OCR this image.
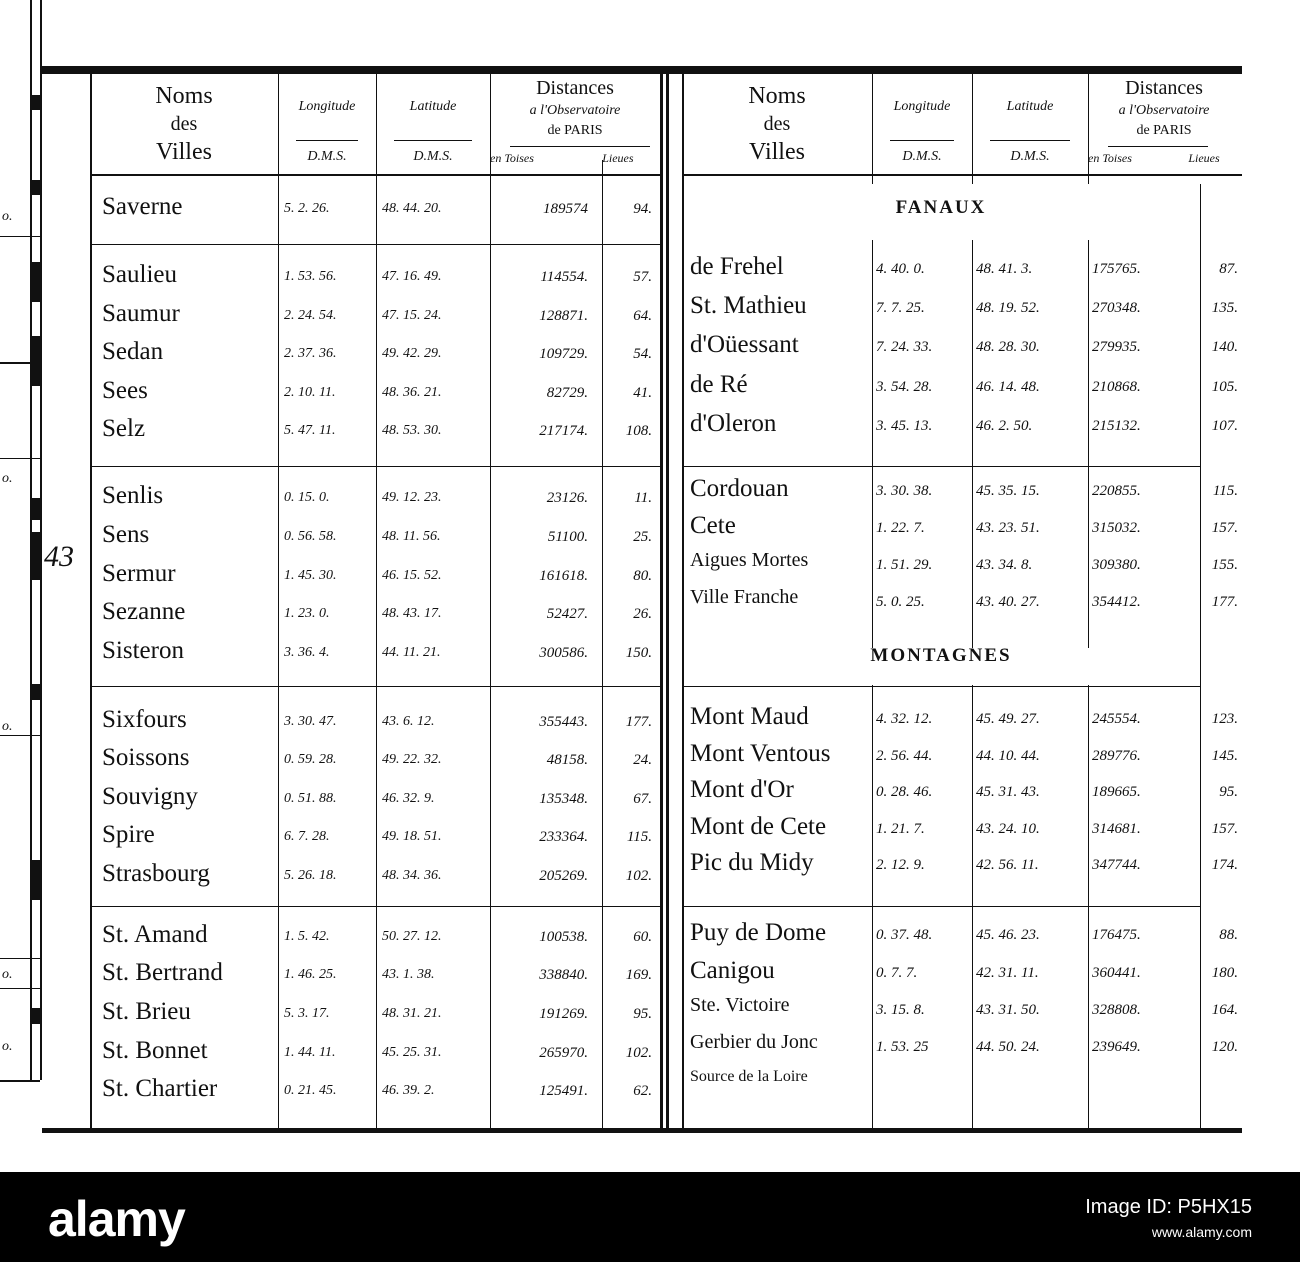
o.
o.
43
o.
o.
o.
Noms
des
Villes
Longitude	Latitude
D.M.S.	D.M.S.
Distances
a l'Observatoire
de PARIS
en Toises	Lieues
Noms
des
Villes
Longitude	Latitude
D.M.S.	D.M.S.
Distances
a l'Observatoire
de PARIS
en Toises	Lieues
Saverne	5. 2. 26.	48. 44. 20.	189574	94.
Saulieu	1. 53. 56.	47. 16. 49.	114554.	57.
Saumur	2. 24. 54.	47. 15. 24.	128871.	64.
Sedan	2. 37. 36.	49. 42. 29.	109729.	54.
Sees	2. 10. 11.	48. 36. 21.	82729.	41.
Selz	5. 47. 11.	48. 53. 30.	217174.	108.
Senlis	0. 15. 0.	49. 12. 23.	23126.	11.
Sens	0. 56. 58.	48. 11. 56.	51100.	25.
Sermur	1. 45. 30.	46. 15. 52.	161618.	80.
Sezanne	1. 23. 0.	48. 43. 17.	52427.	26.
Sisteron	3. 36. 4.	44. 11. 21.	300586.	150.
Sixfours	3. 30. 47.	43. 6. 12.	355443.	177.
Soissons	0. 59. 28.	49. 22. 32.	48158.	24.
Souvigny	0. 51. 88.	46. 32. 9.	135348.	67.
Spire	6. 7. 28.	49. 18. 51.	233364.	115.
Strasbourg	5. 26. 18.	48. 34. 36.	205269.	102.
St. Amand	1. 5. 42.	50. 27. 12.	100538.	60.
St. Bertrand	1. 46. 25.	43. 1. 38.	338840.	169.
St. Brieu	5. 3. 17.	48. 31. 21.	191269.	95.
St. Bonnet	1. 44. 11.	45. 25. 31.	265970.	102.
St. Chartier	0. 21. 45.	46. 39. 2.	125491.	62.
FANAUX
MONTAGNES
de Frehel	4. 40. 0.	48. 41. 3.	175765.	87.
St. Mathieu	7. 7. 25.	48. 19. 52.	270348.	135.
d'Oüessant	7. 24. 33.	48. 28. 30.	279935.	140.
de Ré	3. 54. 28.	46. 14. 48.	210868.	105.
d'Oleron	3. 45. 13.	46. 2. 50.	215132.	107.
Cordouan	3. 30. 38.	45. 35. 15.	220855.	115.
Cete	1. 22. 7.	43. 23. 51.	315032.	157.
Aigues Mortes	1. 51. 29.	43. 34. 8.	309380.	155.
Ville Franche	5. 0. 25.	43. 40. 27.	354412.	177.
Mont Maud	4. 32. 12.	45. 49. 27.	245554.	123.
Mont Ventous	2. 56. 44.	44. 10. 44.	289776.	145.
Mont d'Or	0. 28. 46.	45. 31. 43.	189665.	95.
Mont de Cete	1. 21. 7.	43. 24. 10.	314681.	157.
Pic du Midy	2. 12. 9.	42. 56. 11.	347744.	174.
Puy de Dome	0. 37. 48.	45. 46. 23.	176475.	88.
Canigou	0. 7. 7.	42. 31. 11.	360441.	180.
Ste. Victoire	3. 15. 8.	43. 31. 50.	328808.	164.
Gerbier du Jonc	1. 53. 25	44. 50. 24.	239649.	120.
Source de la Loire
alamy	Image ID: P5HX15
www.alamy.com
